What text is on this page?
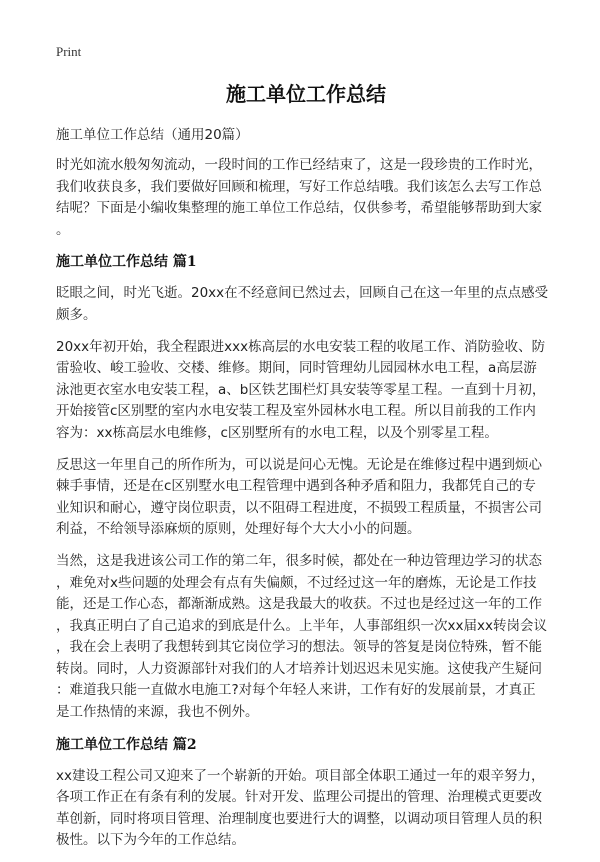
Print
施工单位工作总结
施工单位工作总结（通用20篇）
时光如流水般匆匆流动，一段时间的工作已经结束了，这是一段珍贵的工作时光，
我们收获良多，我们要做好回顾和梳理，写好工作总结哦。我们该怎么去写工作总
结呢？下面是小编收集整理的施工单位工作总结，仅供参考，希望能够帮助到大家
。
施工单位工作总结 篇1
眨眼之间，时光飞逝。20xx在不经意间已然过去，回顾自己在这一年里的点点感受
颇多。
20xx年初开始，我全程跟进xxx栋高层的水电安装工程的收尾工作、消防验收、防
雷验收、峻工验收、交楼、维修。期间，同时管理幼儿园园林水电工程，a高层游
泳池更衣室水电安装工程，a、b区铁艺围栏灯具安装等零星工程。一直到十月初，
开始接管c区别墅的室内水电安装工程及室外园林水电工程。所以目前我的工作内
容为：xx栋高层水电维修，c区别墅所有的水电工程，以及个别零星工程。
反思这一年里自己的所作所为，可以说是问心无愧。无论是在维修过程中遇到烦心
棘手事情，还是在c区别墅水电工程管理中遇到各种矛盾和阻力，我都凭自己的专
业知识和耐心，遵守岗位职责，以不阻碍工程进度，不损毁工程质量，不损害公司
利益，不给领导添麻烦的原则，处理好每个大大小小的问题。
当然，这是我进该公司工作的第二年，很多时候，都处在一种边管理边学习的状态
，难免对x些问题的处理会有点有失偏颇，不过经过这一年的磨炼，无论是工作技
能，还是工作心态，都渐渐成熟。这是我最大的收获。不过也是经过这一年的工作
，我真正明白了自己追求的到底是什么。上半年，人事部组织一次xx届xx转岗会议
，我在会上表明了我想转到其它岗位学习的想法。领导的答复是岗位特殊，暂不能
转岗。同时，人力资源部针对我们的人才培养计划迟迟未见实施。这使我产生疑问
：难道我只能一直做水电施工?对每个年轻人来讲，工作有好的发展前景，才真正
是工作热情的来源，我也不例外。
施工单位工作总结 篇2
xx建设工程公司又迎来了一个崭新的开始。项目部全体职工通过一年的艰辛努力，
各项工作正在有条有利的发展。针对开发、监理公司提出的管理、治理模式更要改
革创新，同时将项目管理、治理制度也要进行大的调整，以调动项目管理人员的积
极性。以下为今年的工作总结。
